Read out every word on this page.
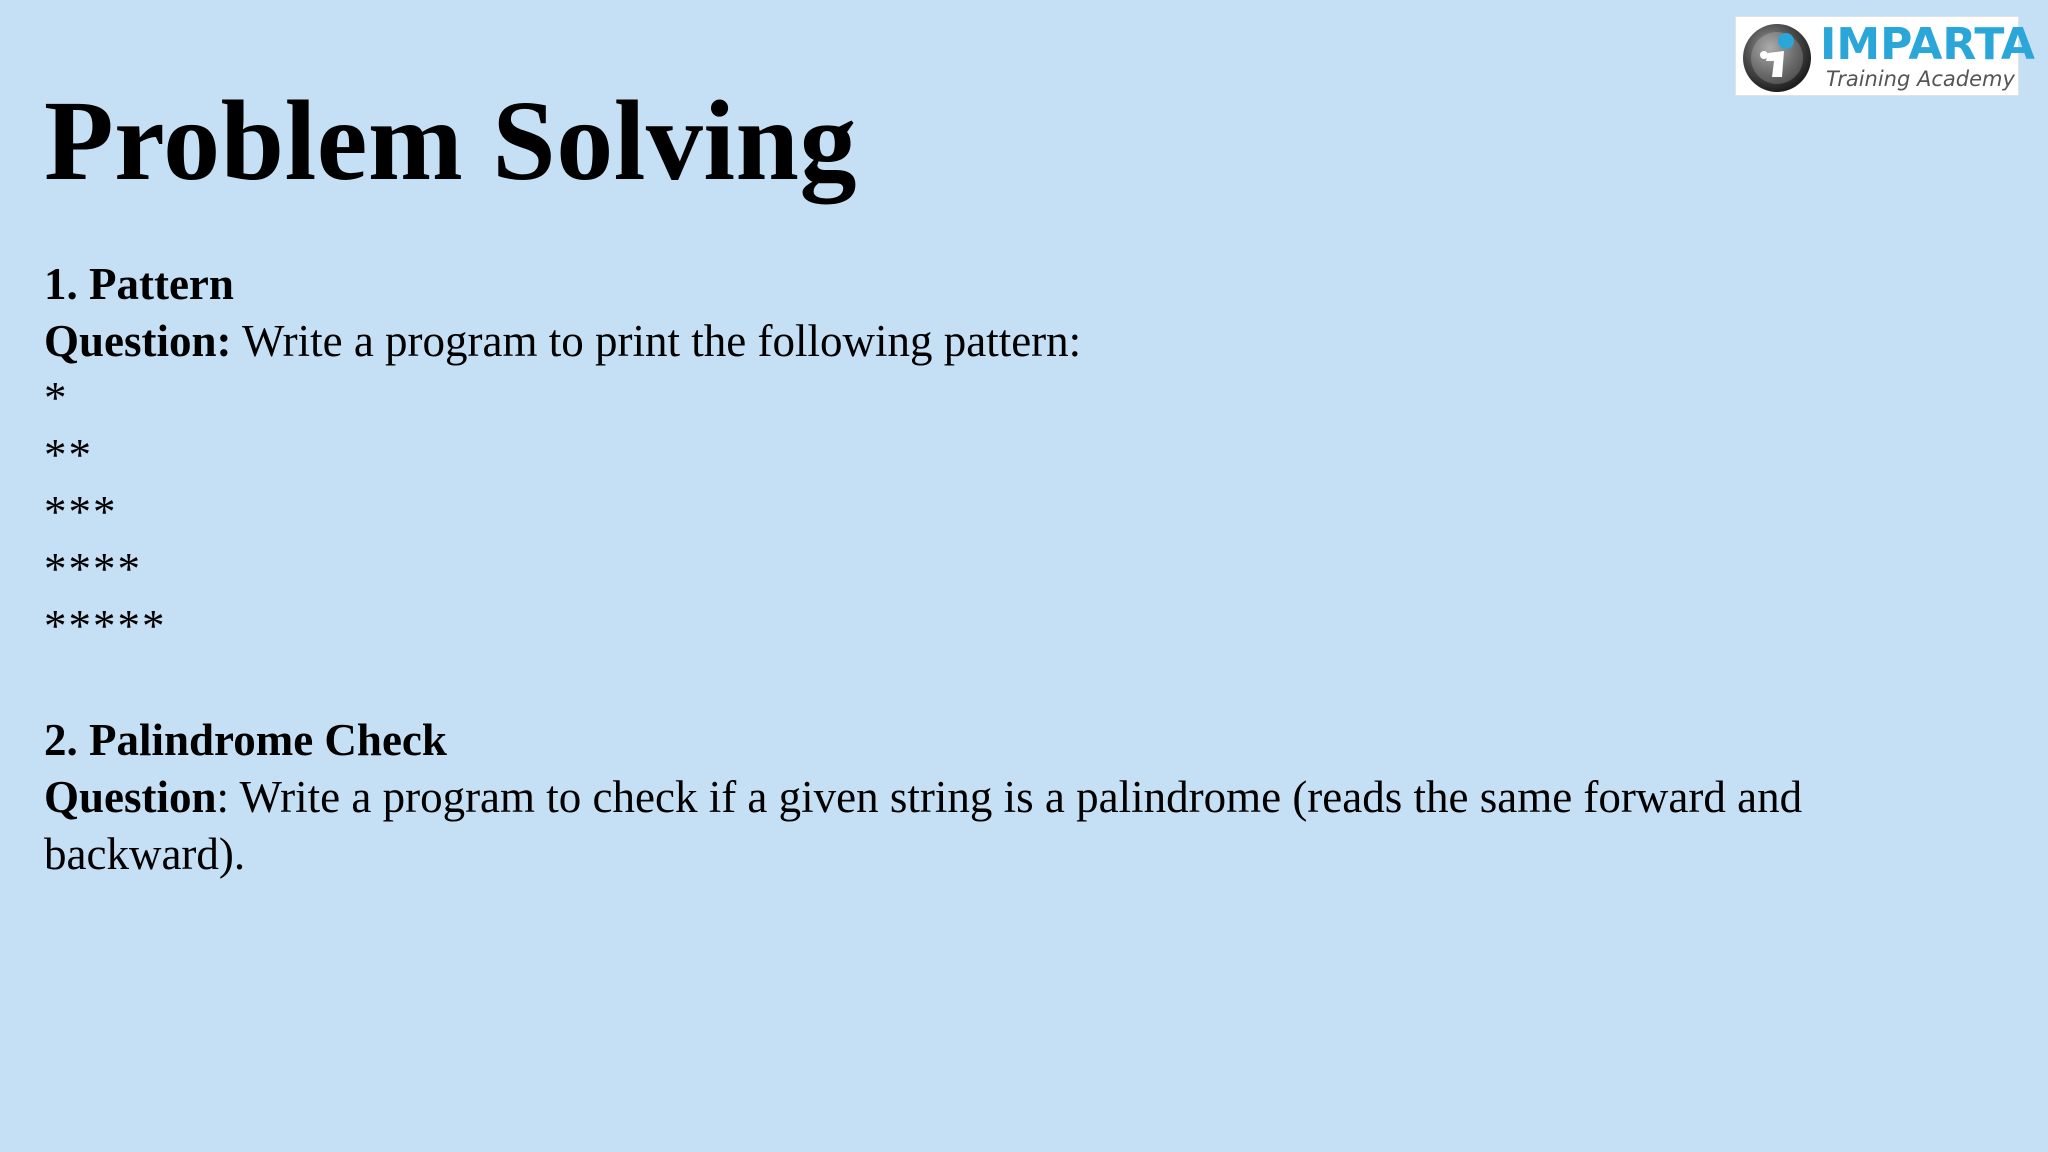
IMPARTA
Training Academy
Problem Solving
1. Pattern
Question: Write a program to print the following pattern:
*
**
***
****
*****
2. Palindrome Check
Question: Write a program to check if a given string is a palindrome (reads the same forward and backward).
